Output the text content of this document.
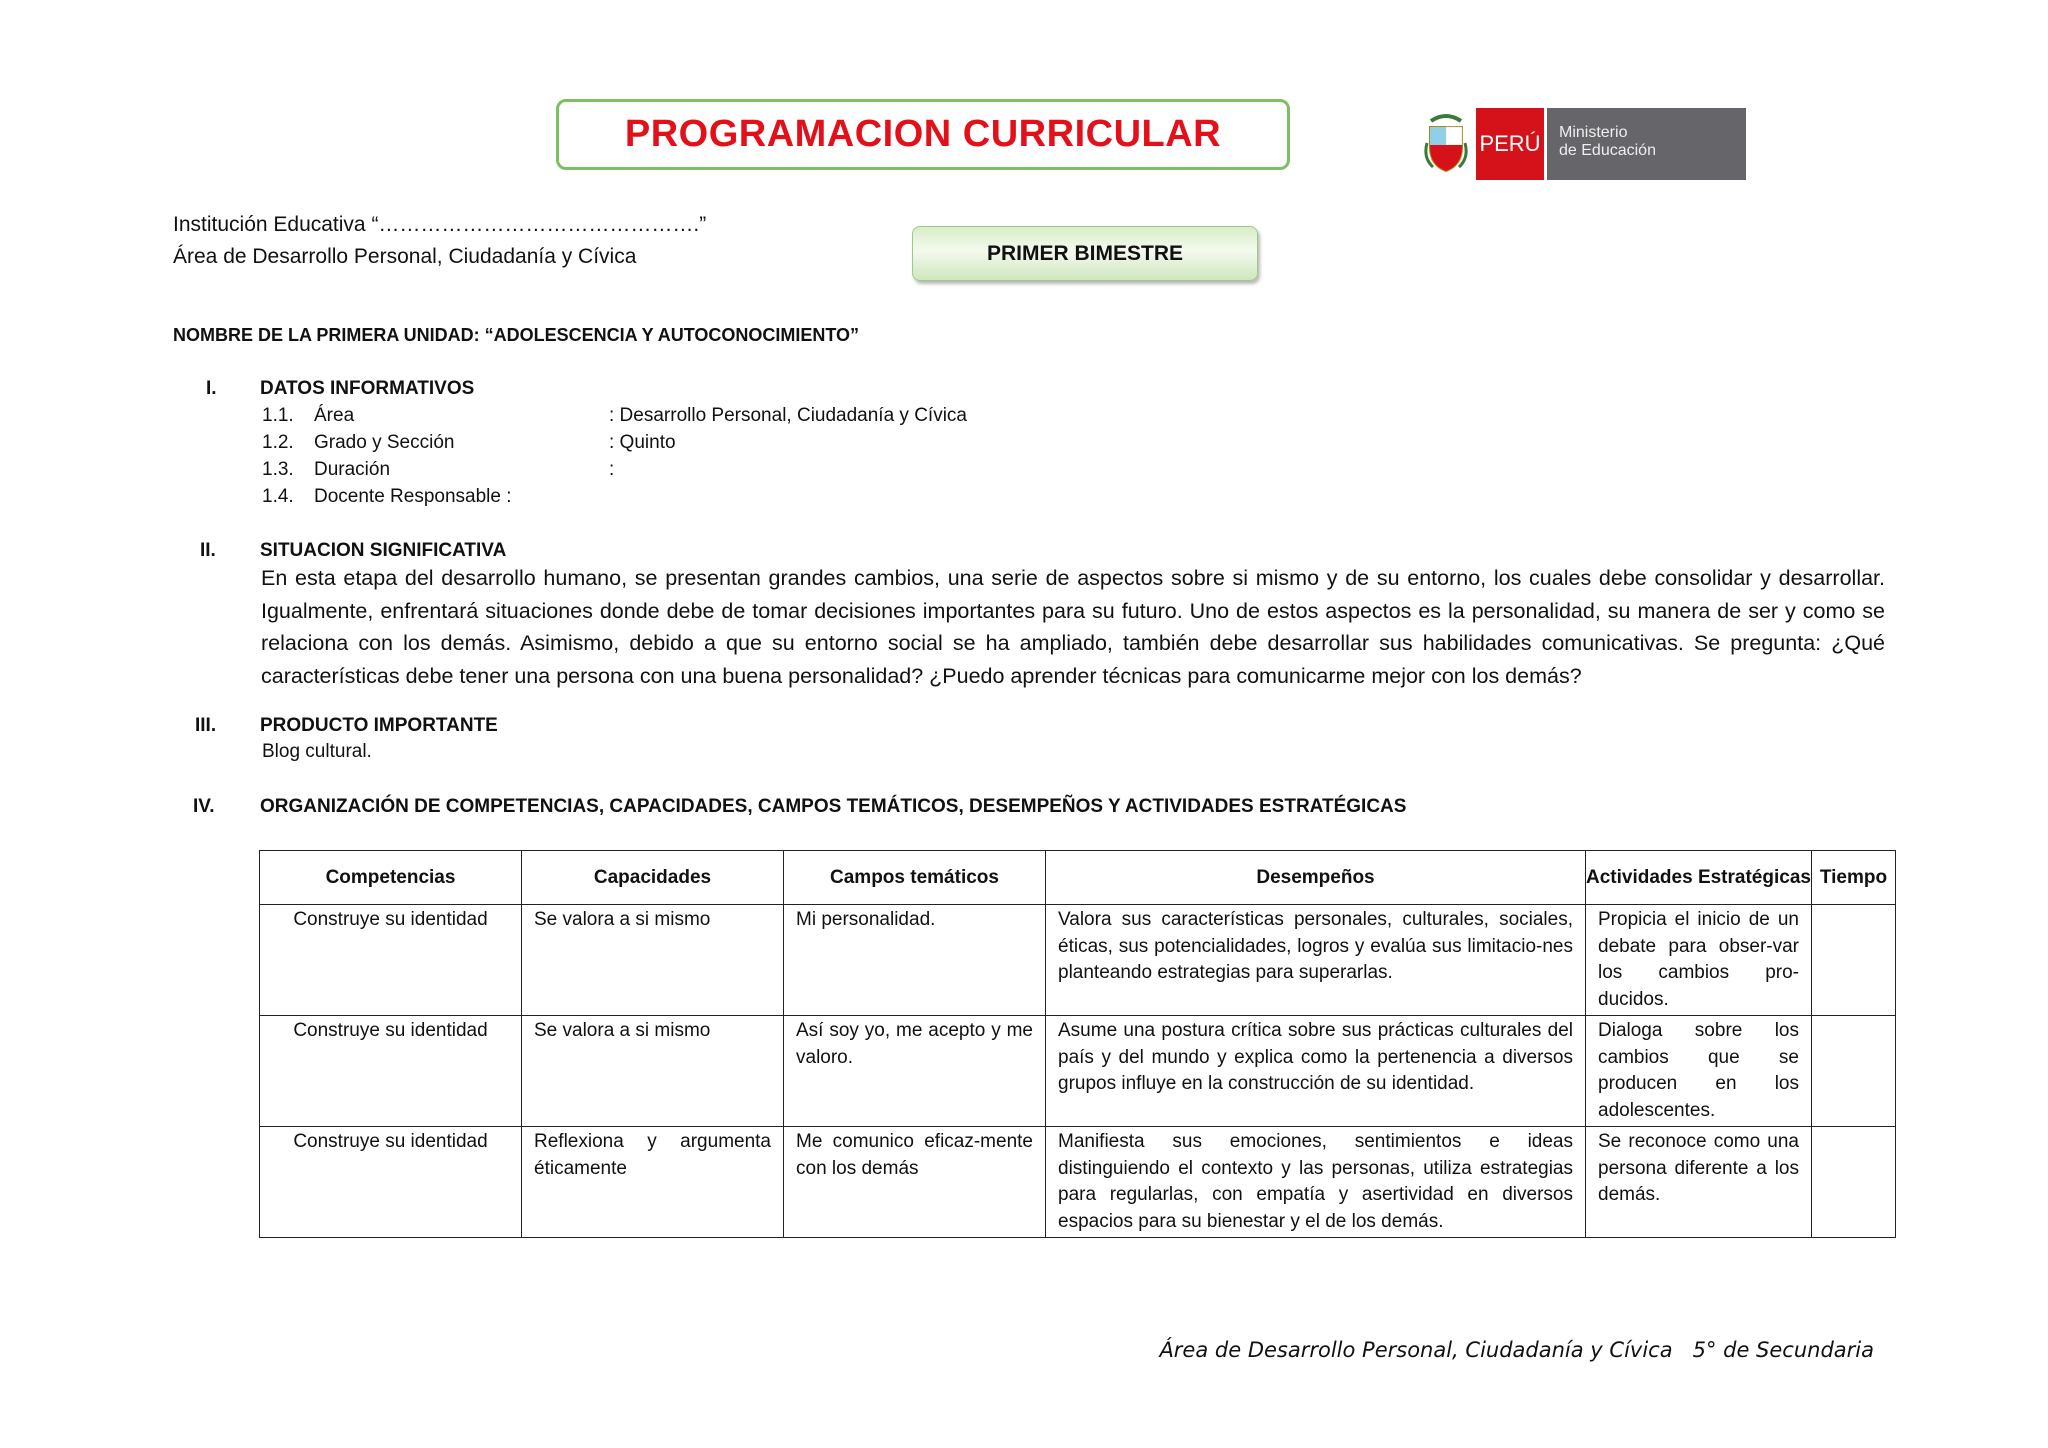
PROGRAMACION CURRICULAR	PERÚ Ministerio
de Educación
Institución Educativa “……………………………………….”
Área de Desarrollo Personal, Ciudadanía y Cívica	PRIMER BIMESTRE
NOMBRE DE LA PRIMERA UNIDAD: “ADOLESCENCIA Y AUTOCONOCIMIENTO”
I. DATOS INFORMATIVOS
1.1.	Área	: Desarrollo Personal, Ciudadanía y Cívica
1.2.	Grado y Sección	: Quinto
1.3.	Duración	:
1.4.	Docente Responsable :
II. SITUACION SIGNIFICATIVA
En esta etapa del desarrollo humano, se presentan grandes cambios, una serie de aspectos sobre si mismo y de su entorno, los cuales debe consolidar y desarrollar. Igualmente, enfrentará situaciones donde debe de tomar decisiones importantes para su futuro. Uno de estos aspectos es la personalidad, su manera de ser y como se relaciona con los demás. Asimismo, debido a que su entorno social se ha ampliado, también debe desarrollar sus habilidades comunicativas. Se pregunta: ¿Qué características debe tener una persona con una buena personalidad? ¿Puedo aprender técnicas para comunicarme mejor con los demás?
III. PRODUCTO IMPORTANTE
Blog cultural.
IV. ORGANIZACIÓN DE COMPETENCIAS, CAPACIDADES, CAMPOS TEMÁTICOS, DESEMPEÑOS Y ACTIVIDADES ESTRATÉGICAS
Competencias	Capacidades	Campos temáticos	Desempeños	Actividades Estratégicas	Tiempo
Construye su identidad	Se valora a si mismo	Mi personalidad.	Valora sus características personales, culturales, sociales, éticas, sus potencialidades, logros y evalúa sus limitacio-nes planteando estrategias para superarlas.	Propicia el inicio de un debate para obser-var los cambios pro-ducidos.	
Construye su identidad	Se valora a si mismo	Así soy yo, me acepto y me valoro.	Asume una postura crítica sobre sus prácticas culturales del país y del mundo y explica como la pertenencia a diversos grupos influye en la construcción de su identidad.	Dialoga sobre los cambios que se producen en los adolescentes.	
Construye su identidad	Reflexiona y argumenta éticamente	Me comunico eficaz-mente con los demás	Manifiesta sus emociones, sentimientos e ideas distinguiendo el contexto y las personas, utiliza estrategias para regularlas, con empatía y asertividad en diversos espacios para su bienestar y el de los demás.	Se reconoce como una persona diferente a los demás.	
Área de Desarrollo Personal, Ciudadanía y Cívica 5° de Secundaria
